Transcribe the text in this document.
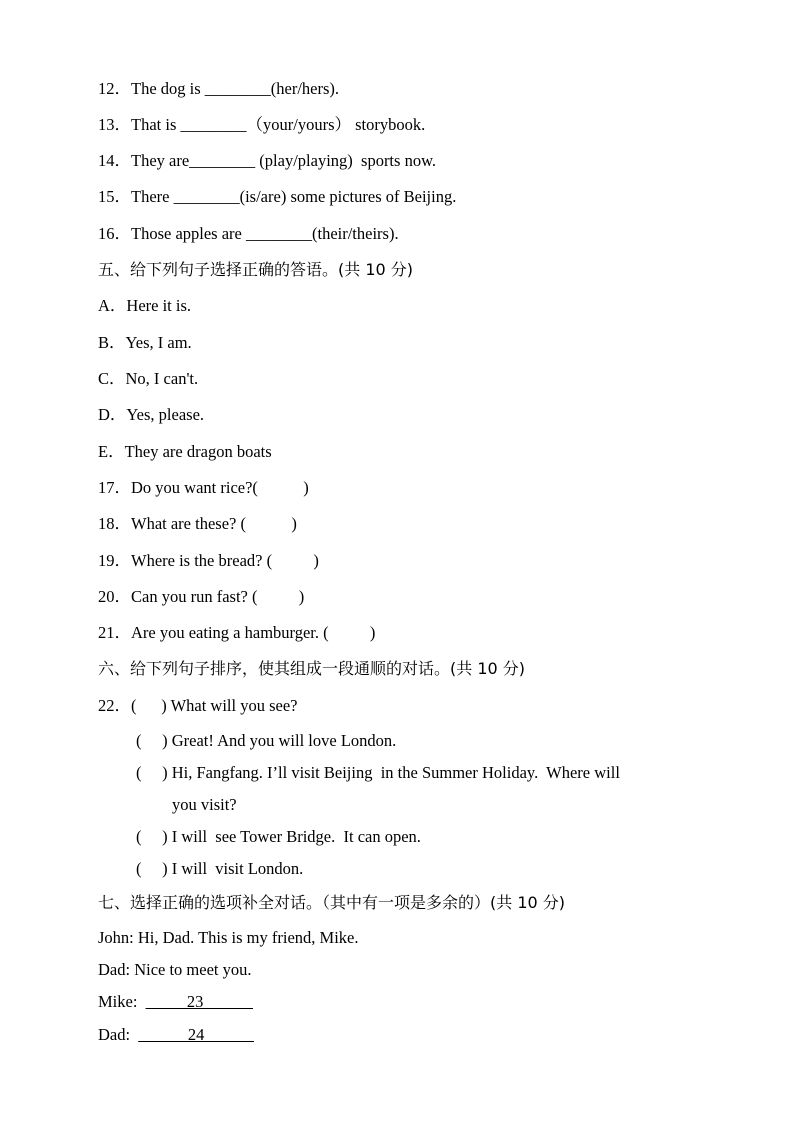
12．The dog is ________(her/hers).
13．That is ________（your/yours） storybook.
14．They are________ (play/playing)  sports now.
15．There ________(is/are) some pictures of Beijing.
16．Those apples are ________(their/theirs).
五、给下列句子选择正确的答语。(共 10 分)
A．Here it is.
B．Yes, I am.
C．No, I can't.
D．Yes, please.
E．They are dragon boats
17．Do you want rice?(           )
18．What are these? (           )
19．Where is the bread? (          )
20．Can you run fast? (          )
21．Are you eating a hamburger. (          )
六、给下列句子排序，使其组成一段通顺的对话。(共 10 分)
22．(      ) What will you see?
(     ) Great! And you will love London.
(     ) Hi, Fangfang. I’ll visit Beijing  in the Summer Holiday.  Where will
you visit?
(     ) I will  see Tower Bridge.  It can open.
(     ) I will  visit London.
七、选择正确的选项补全对话。（其中有一项是多余的）(共 10 分)
John: Hi, Dad. This is my friend, Mike.
Dad: Nice to meet you.
Mike: _____23______
Dad: ______24______
